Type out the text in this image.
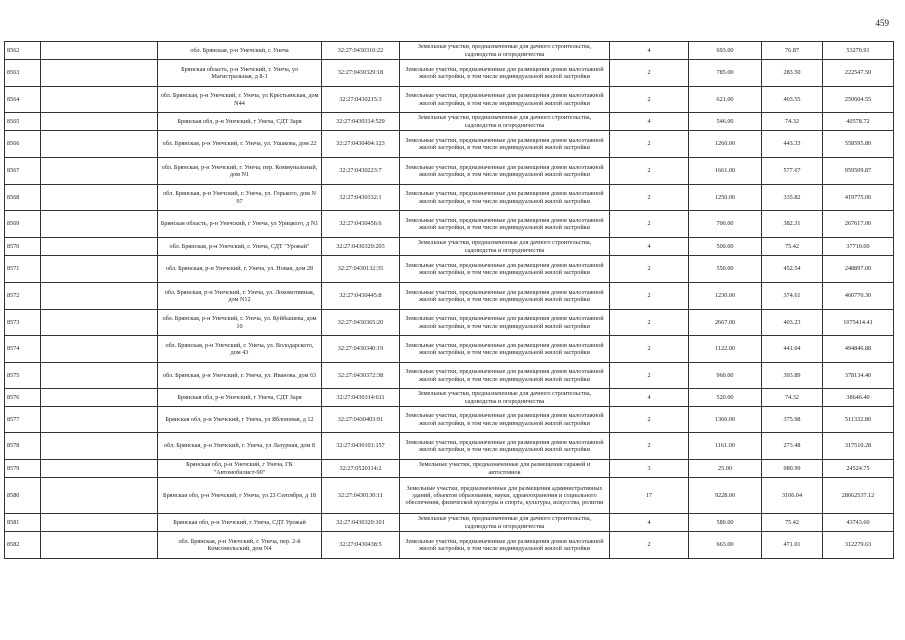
459
8562		обл. Брянская, р-н Унечский, г. Унеча	32:27:0430310:22	Земельные участки, предназначенные для дачного строительства, садоводства и огородничества	4	693.00	76.87	53270.91
8563		Брянская область, р-н Унечский, г. Унеча, ул Магистральная, д 8-1	32:27:0430329:18	Земельные участки, предназначенные для размещения домов малоэтажной жилой застройки, в том числе индивидуальной жилой застройки	2	785.00	283.50	222547.50
8564		обл. Брянская, р-н Унечский, г. Унеча, ул Крестьянская, дом N44	32:27:0430215:3	Земельные участки, предназначенные для размещения домов малоэтажной жилой застройки, в том числе индивидуальной жилой застройки	2	621.00	403.55	250604.55
8565		Брянская обл, р-н Унечский, г Унеча, СДТ Заря	32:27:0430314:529	Земельные участки, предназначенные для дачного строительства, садоводства и огородничества	4	546.00	74.32	40578.72
8566		обл. Брянская, р-н Унечский, г. Унеча, ул. Ушакова, дом 22	32:27:0430404:123	Земельные участки, предназначенные для размещения домов малоэтажной жилой застройки, в том числе индивидуальной жилой застройки	2	1260.00	443.33	558595.80
8567		обл. Брянская, р-н Унечский, г. Унеча, пер. Коммунальный, дом N1	32:27:0430223:7	Земельные участки, предназначенные для размещения домов малоэтажной жилой застройки, в том числе индивидуальной жилой застройки	2	1661.00	577.67	959509.87
8568		обл. Брянская, р-н Унечский, г. Унеча, ул. Горького, дом N 97	32:27:0430332:1	Земельные участки, предназначенные для размещения домов малоэтажной жилой застройки, в том числе индивидуальной жилой застройки	2	1250.00	335.82	419775.00
8569		Брянская область, р-н Унечский, г Унеча, ул Урицкого, д N1	32:27:0430456:6	Земельные участки, предназначенные для размещения домов малоэтажной жилой застройки, в том числе индивидуальной жилой застройки	2	700.00	382.31	267617.00
8570		обл. Брянская, р-н Унечский, г. Унеча, СДТ "Урожай"	32:27:0430320:203	Земельные участки, предназначенные для дачного строительства, садоводства и огородничества	4	500.00	75.42	37710.00
8571		обл. Брянская, р-н Унечский, г. Унеча, ул. Новая, дом 28	32:27:0430132:35	Земельные участки, предназначенные для размещения домов малоэтажной жилой застройки, в том числе индивидуальной жилой застройки	2	550.00	452.54	248897.00
8572		обл. Брянская, р-н Унечский, г. Унеча, ул. Локомотивная, дом N12	32:27:0430445:8	Земельные участки, предназначенные для размещения домов малоэтажной жилой застройки, в том числе индивидуальной жилой застройки	2	1230.00	374.61	460770.30
8573		обл. Брянская, р-н Унечский, г. Унеча, ул. Куйбышева, дом 10	32:27:0430365:20	Земельные участки, предназначенные для размещения домов малоэтажной жилой застройки, в том числе индивидуальной жилой застройки	2	2667.00	403.23	1075414.41
8574		обл. Брянская, р-н Унечский, г. Унеча, ул. Володарского, дом 43	32:27:0430340:19	Земельные участки, предназначенные для размещения домов малоэтажной жилой застройки, в том числе индивидуальной жилой застройки	2	1122.00	441.04	494846.88
8575		обл. Брянская, р-н Унечский, г. Унеча, ул. Иванова, дом 63	32:27:0430372:38	Земельные участки, предназначенные для размещения домов малоэтажной жилой застройки, в том числе индивидуальной жилой застройки	2	960.00	393.89	378134.40
8576		Брянская обл, р-н Унечский, г Унеча, СДТ Заря	32:27:0430314:611	Земельные участки, предназначенные для дачного строительства, садоводства и огородничества	4	520.00	74.32	38646.40
8577		Брянская обл, р-н Унечский, г Унеча, ул Яблоневая, д 12	32:27:0430403:91	Земельные участки, предназначенные для размещения домов малоэтажной жилой застройки, в том числе индивидуальной жилой застройки	2	1360.00	375.98	511332.80
8578		обл. Брянская, р-н Унечский, г. Унеча, ул Лазурная, дом 8	32:27:0430101:157	Земельные участки, предназначенные для размещения домов малоэтажной жилой застройки, в том числе индивидуальной жилой застройки	2	1161.00	273.48	317510.28
8579		Брянская обл, р-н Унечский, г Унеча, ГК "Автомобилист-90"	32:27:0520114:2	Земельные участки, предназначенные для размещения гаражей и автостоянок	3	25.00	980.99	24524.75
8580		Брянская обл, р-н Унечский, г Унеча, ул 23 Сентября, д 18	32:27:0430130:11	Земельные участки, предназначенные для размещения административных зданий, объектов образования, науки, здравоохранения и социального обеспечения, физической культуры и спорта, культуры, искусства, религии	17	9228.00	3106.04	28662537.12
8581		Брянская обл, р-н Унечский, г Унеча, СДТ Урожай	32:27:0430320:101	Земельные участки, предназначенные для дачного строительства, садоводства и огородничества	4	580.00	75.42	43743.60
8582		обл. Брянская, р-н Унечский, г. Унеча, пер. 2-й Комсомольский, дом N4	32:27:0430438:5	Земельные участки, предназначенные для размещения домов малоэтажной жилой застройки, в том числе индивидуальной жилой застройки	2	663.00	471.01	312279.63
